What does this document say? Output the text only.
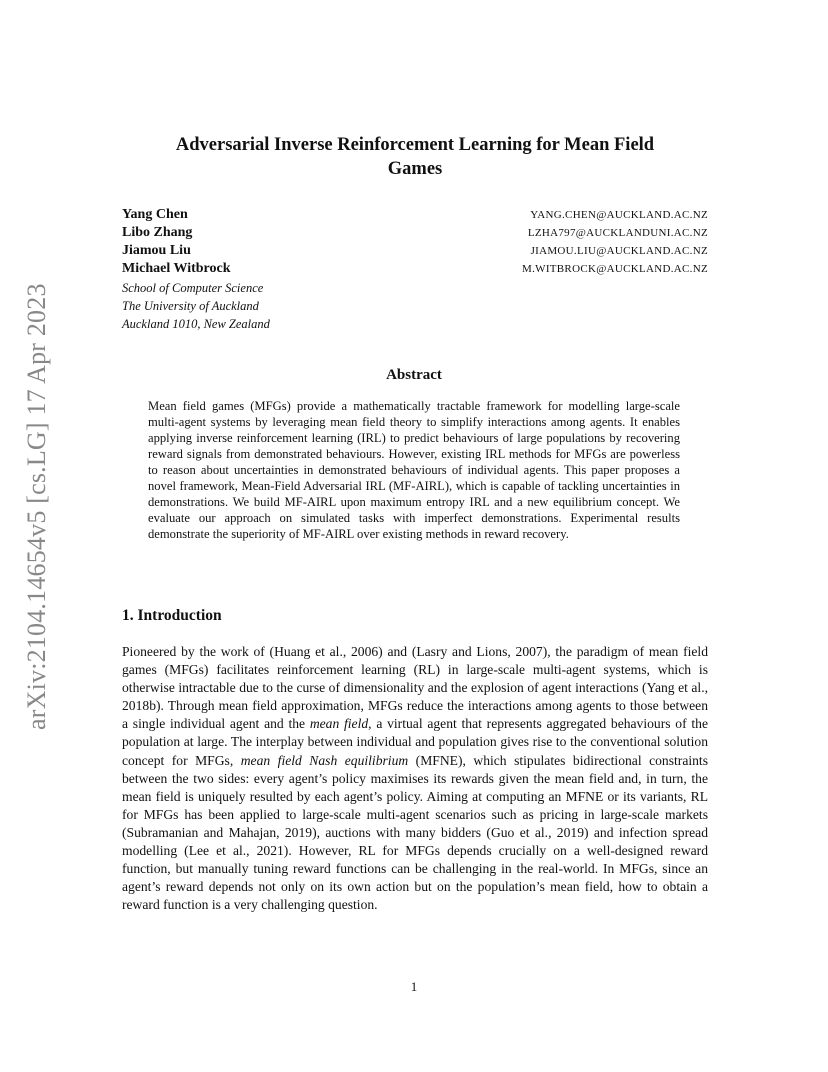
arXiv:2104.14654v5 [cs.LG] 17 Apr 2023
Adversarial Inverse Reinforcement Learning for Mean Field
Games
Yang Chen	YANG.CHEN@AUCKLAND.AC.NZ
Libo Zhang	LZHA797@AUCKLANDUNI.AC.NZ
Jiamou Liu	JIAMOU.LIU@AUCKLAND.AC.NZ
Michael Witbrock	M.WITBROCK@AUCKLAND.AC.NZ
School of Computer Science
The University of Auckland
Auckland 1010, New Zealand
Abstract
Mean field games (MFGs) provide a mathematically tractable framework for modelling large-scale multi-agent systems by leveraging mean field theory to simplify interactions among agents. It enables applying inverse reinforcement learning (IRL) to predict behaviours of large populations by recovering reward signals from demonstrated behaviours. However, existing IRL methods for MFGs are powerless to reason about uncertainties in demonstrated behaviours of individual agents. This paper proposes a novel framework, Mean-Field Adversarial IRL (MF-AIRL), which is capable of tackling uncertainties in demonstrations. We build MF-AIRL upon maximum entropy IRL and a new equilibrium concept. We evaluate our approach on simulated tasks with imperfect demonstrations. Experimental results demonstrate the superiority of MF-AIRL over existing methods in reward recovery.
1. Introduction
Pioneered by the work of (Huang et al., 2006) and (Lasry and Lions, 2007), the paradigm of mean field games (MFGs) facilitates reinforcement learning (RL) in large-scale multi-agent systems, which is otherwise intractable due to the curse of dimensionality and the explosion of agent interactions (Yang et al., 2018b). Through mean field approximation, MFGs reduce the interactions among agents to those between a single individual agent and the mean field, a virtual agent that represents aggregated behaviours of the population at large. The interplay between individual and population gives rise to the conventional solution concept for MFGs, mean field Nash equilibrium (MFNE), which stipulates bidirectional constraints between the two sides: every agent’s policy maximises its rewards given the mean field and, in turn, the mean field is uniquely resulted by each agent’s policy. Aiming at computing an MFNE or its variants, RL for MFGs has been applied to large-scale multi-agent scenarios such as pricing in large-scale markets (Subramanian and Mahajan, 2019), auctions with many bidders (Guo et al., 2019) and infection spread modelling (Lee et al., 2021). However, RL for MFGs depends crucially on a well-designed reward function, but manually tuning reward functions can be challenging in the real-world. In MFGs, since an agent’s reward depends not only on its own action but on the population’s mean field, how to obtain a reward function is a very challenging question.
1
